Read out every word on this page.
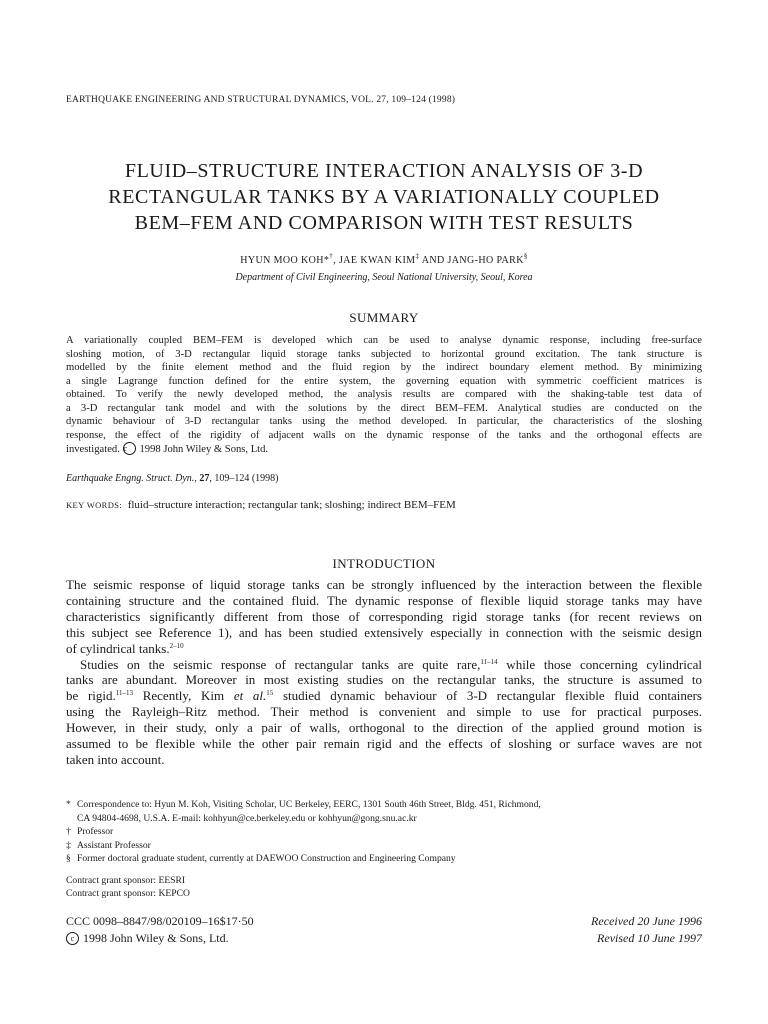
EARTHQUAKE ENGINEERING AND STRUCTURAL DYNAMICS, VOL. 27, 109–124 (1998)
FLUID–STRUCTURE INTERACTION ANALYSIS OF 3-D
RECTANGULAR TANKS BY A VARIATIONALLY COUPLED
BEM–FEM AND COMPARISON WITH TEST RESULTS
HYUN MOO KOH*†, JAE KWAN KIM‡ AND JANG-HO PARK§
Department of Civil Engineering, Seoul National University, Seoul, Korea
SUMMARY
A variationally coupled BEM–FEM is developed which can be used to analyse dynamic response, including free-surface
sloshing motion, of 3-D rectangular liquid storage tanks subjected to horizontal ground excitation. The tank structure is
modelled by the finite element method and the fluid region by the indirect boundary element method. By minimizing
a single Lagrange function defined for the entire system, the governing equation with symmetric coefficient matrices is
obtained. To verify the newly developed method, the analysis results are compared with the shaking-table test data of
a 3-D rectangular tank model and with the solutions by the direct BEM–FEM. Analytical studies are conducted on the
dynamic behaviour of 3-D rectangular tanks using the method developed. In particular, the characteristics of the sloshing
response, the effect of the rigidity of adjacent walls on the dynamic response of the tanks and the orthogonal effects are
investigated. c 1998 John Wiley & Sons, Ltd.
Earthquake Engng. Struct. Dyn., 27, 109–124 (1998)
KEY WORDS: fluid–structure interaction; rectangular tank; sloshing; indirect BEM–FEM
INTRODUCTION
The seismic response of liquid storage tanks can be strongly influenced by the interaction between the flexible
containing structure and the contained fluid. The dynamic response of flexible liquid storage tanks may have
characteristics significantly different from those of corresponding rigid storage tanks (for recent reviews on
this subject see Reference 1), and has been studied extensively especially in connection with the seismic design
of cylindrical tanks.$^{2-10}$
Studies on the seismic response of rectangular tanks are quite rare,$^{11-14}$ while those concerning cylindrical
tanks are abundant. Moreover in most existing studies on the rectangular tanks, the structure is assumed to
be rigid.$^{11-13}$ Recently, Kim et al.$^{15}$ studied dynamic behaviour of 3-D rectangular flexible fluid containers
using the Rayleigh–Ritz method. Their method is convenient and simple to use for practical purposes.
However, in their study, only a pair of walls, orthogonal to the direction of the applied ground motion is
assumed to be flexible while the other pair remain rigid and the effects of sloshing or surface waves are not
taken into account.
* Correspondence to: Hyun M. Koh, Visiting Scholar, UC Berkeley, EERC, 1301 South 46th Street, Bldg. 451, Richmond,
CA 94804-4698, U.S.A. E-mail: kohhyun@ce.berkeley.edu or kohhyun@gong.snu.ac.kr
† Professor
‡ Assistant Professor
§ Former doctoral graduate student, currently at DAEWOO Construction and Engineering Company
Contract grant sponsor: EESRI
Contract grant sponsor: KEPCO
CCC 0098–8847/98/020109–16$17·50
c 1998 John Wiley & Sons, Ltd.
Received 20 June 1996
Revised 10 June 1997
